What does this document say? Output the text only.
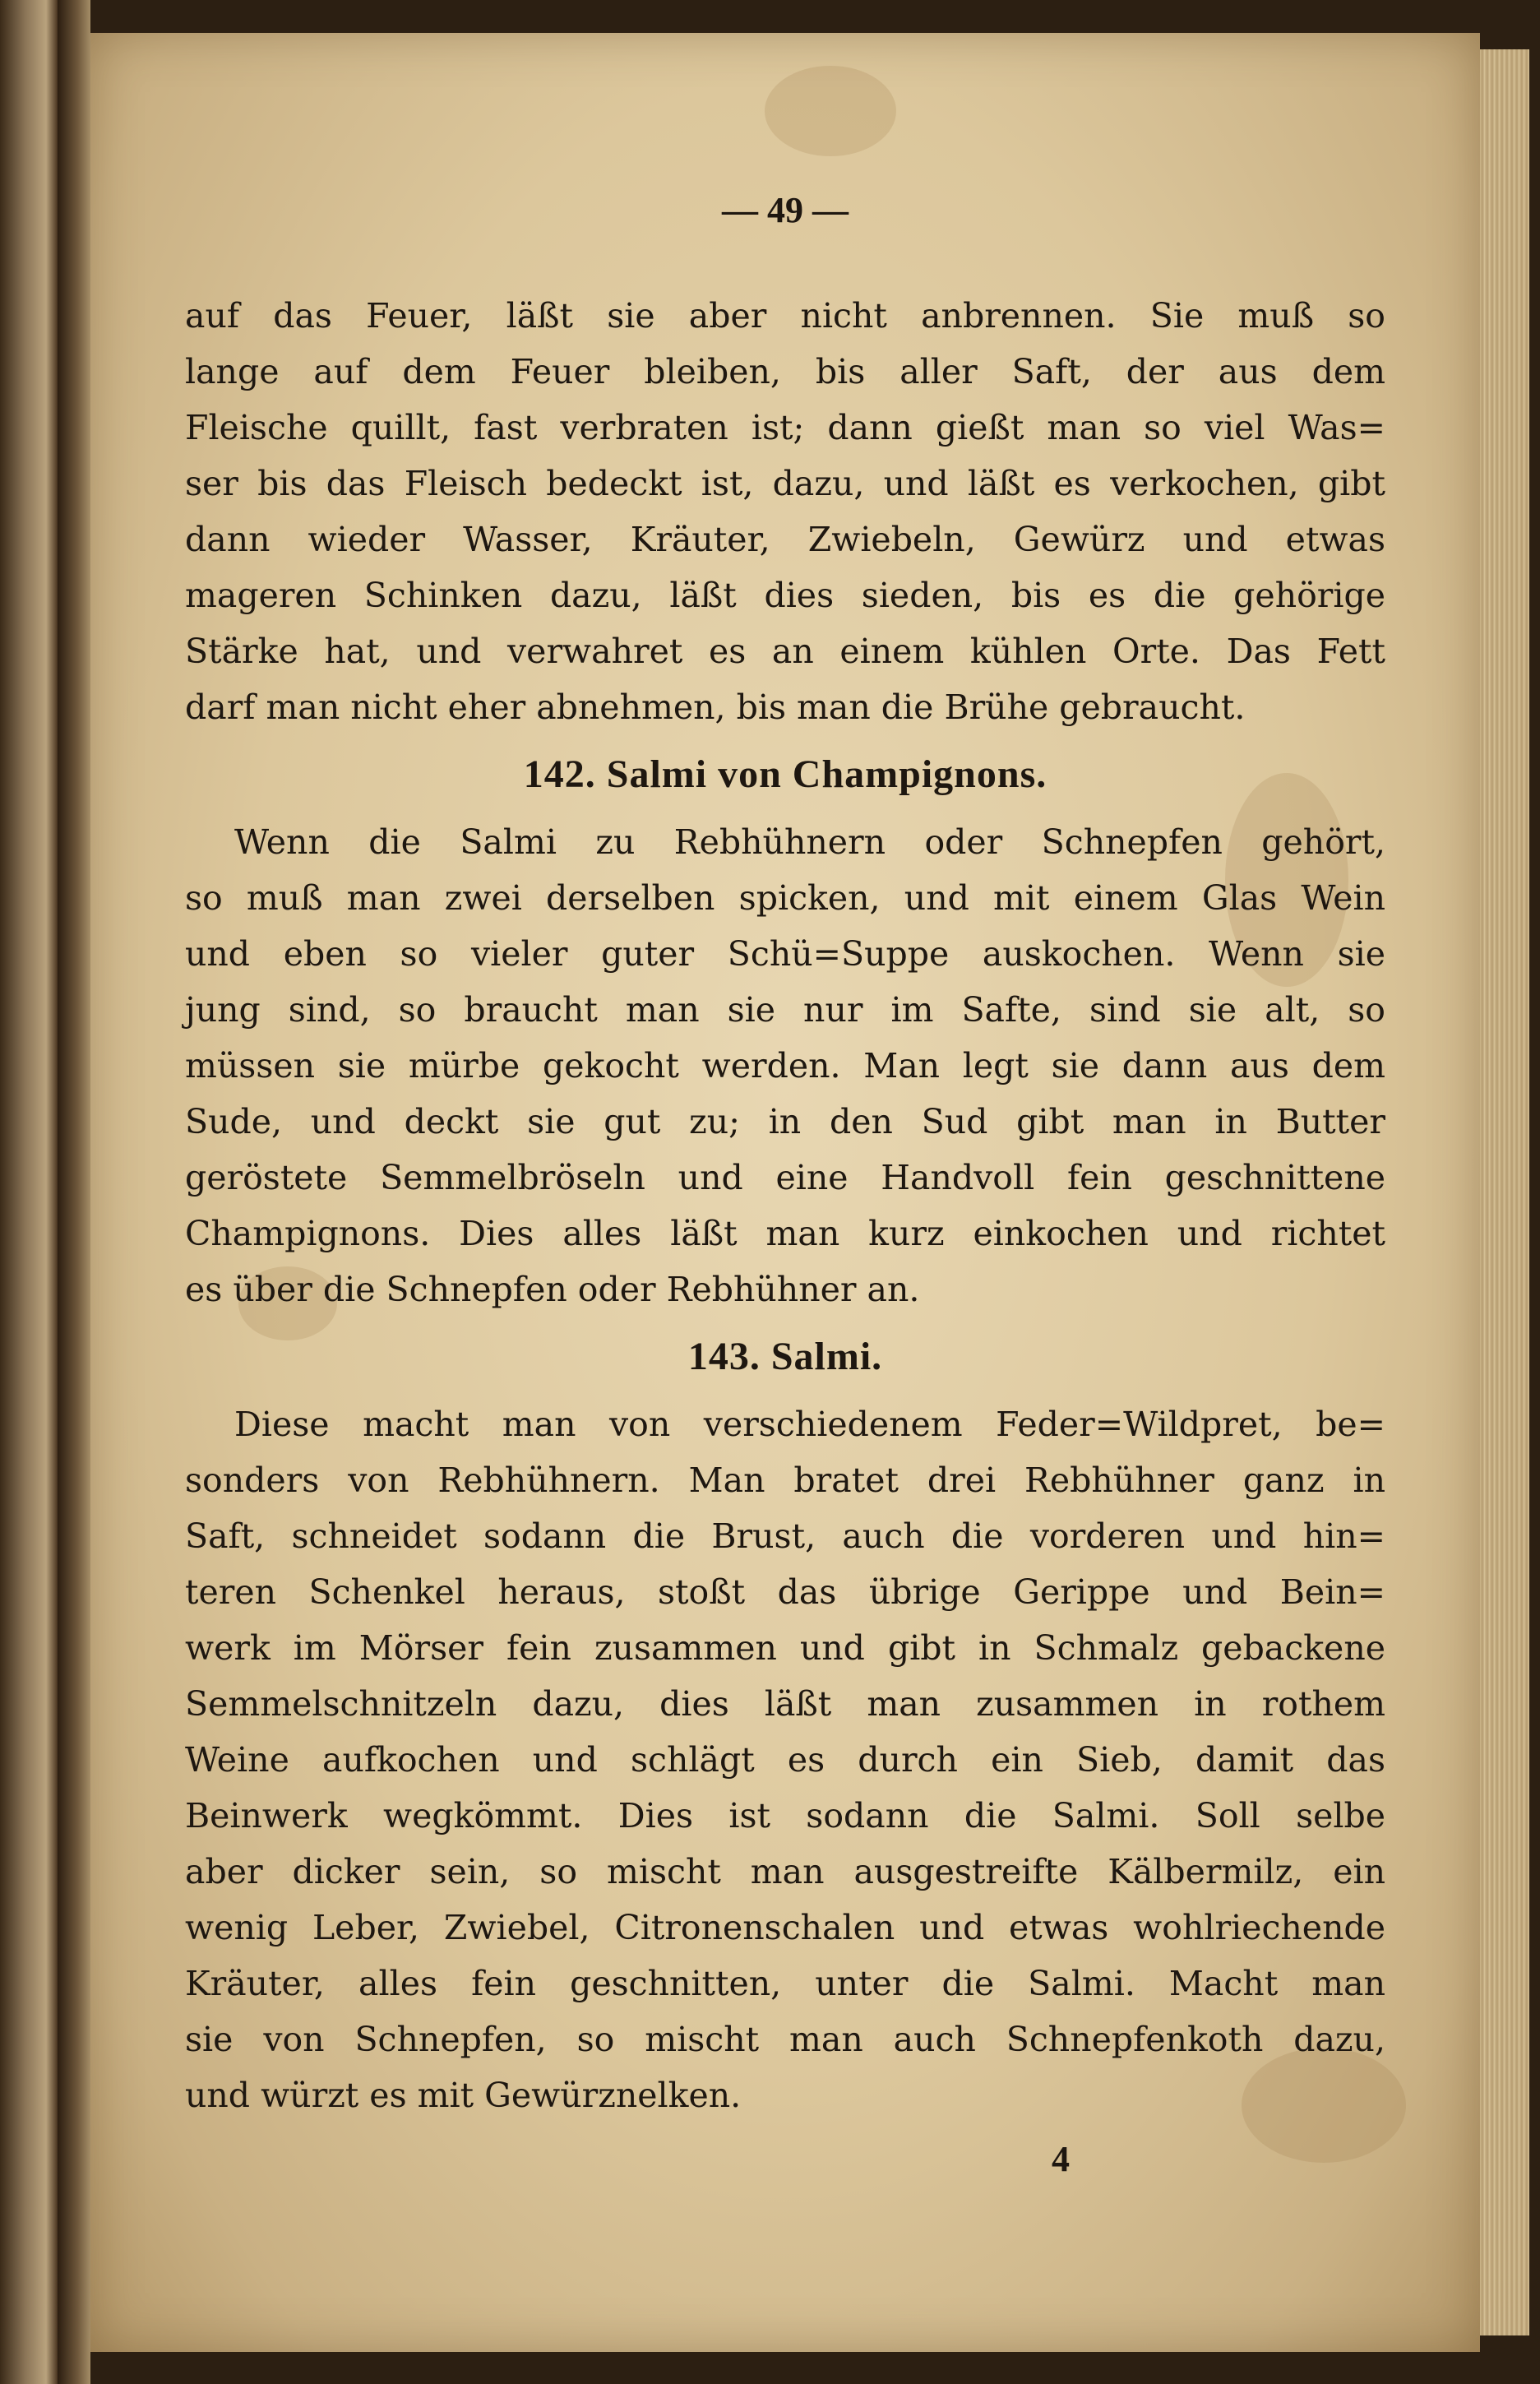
— 49 —
auf das Feuer, läßt sie aber nicht anbrennen. Sie muß so
lange auf dem Feuer bleiben, bis aller Saft, der aus dem
Fleische quillt, fast verbraten ist; dann gießt man so viel Was=
ser bis das Fleisch bedeckt ist, dazu, und läßt es verkochen, gibt
dann wieder Wasser, Kräuter, Zwiebeln, Gewürz und etwas
mageren Schinken dazu, läßt dies sieden, bis es die gehörige
Stärke hat, und verwahret es an einem kühlen Orte. Das Fett
darf man nicht eher abnehmen, bis man die Brühe gebraucht.
142. Salmi von Champignons.
Wenn die Salmi zu Rebhühnern oder Schnepfen gehört,
so muß man zwei derselben spicken, und mit einem Glas Wein
und eben so vieler guter Schü=Suppe auskochen. Wenn sie
jung sind, so braucht man sie nur im Safte, sind sie alt, so
müssen sie mürbe gekocht werden. Man legt sie dann aus dem
Sude, und deckt sie gut zu; in den Sud gibt man in Butter
geröstete Semmelbröseln und eine Handvoll fein geschnittene
Champignons. Dies alles läßt man kurz einkochen und richtet
es über die Schnepfen oder Rebhühner an.
143. Salmi.
Diese macht man von verschiedenem Feder=Wildpret, be=
sonders von Rebhühnern. Man bratet drei Rebhühner ganz in
Saft, schneidet sodann die Brust, auch die vorderen und hin=
teren Schenkel heraus, stoßt das übrige Gerippe und Bein=
werk im Mörser fein zusammen und gibt in Schmalz gebackene
Semmelschnitzeln dazu, dies läßt man zusammen in rothem
Weine aufkochen und schlägt es durch ein Sieb, damit das
Beinwerk wegkömmt. Dies ist sodann die Salmi. Soll selbe
aber dicker sein, so mischt man ausgestreifte Kälbermilz, ein
wenig Leber, Zwiebel, Citronenschalen und etwas wohlriechende
Kräuter, alles fein geschnitten, unter die Salmi. Macht man
sie von Schnepfen, so mischt man auch Schnepfenkoth dazu,
und würzt es mit Gewürznelken.
4
